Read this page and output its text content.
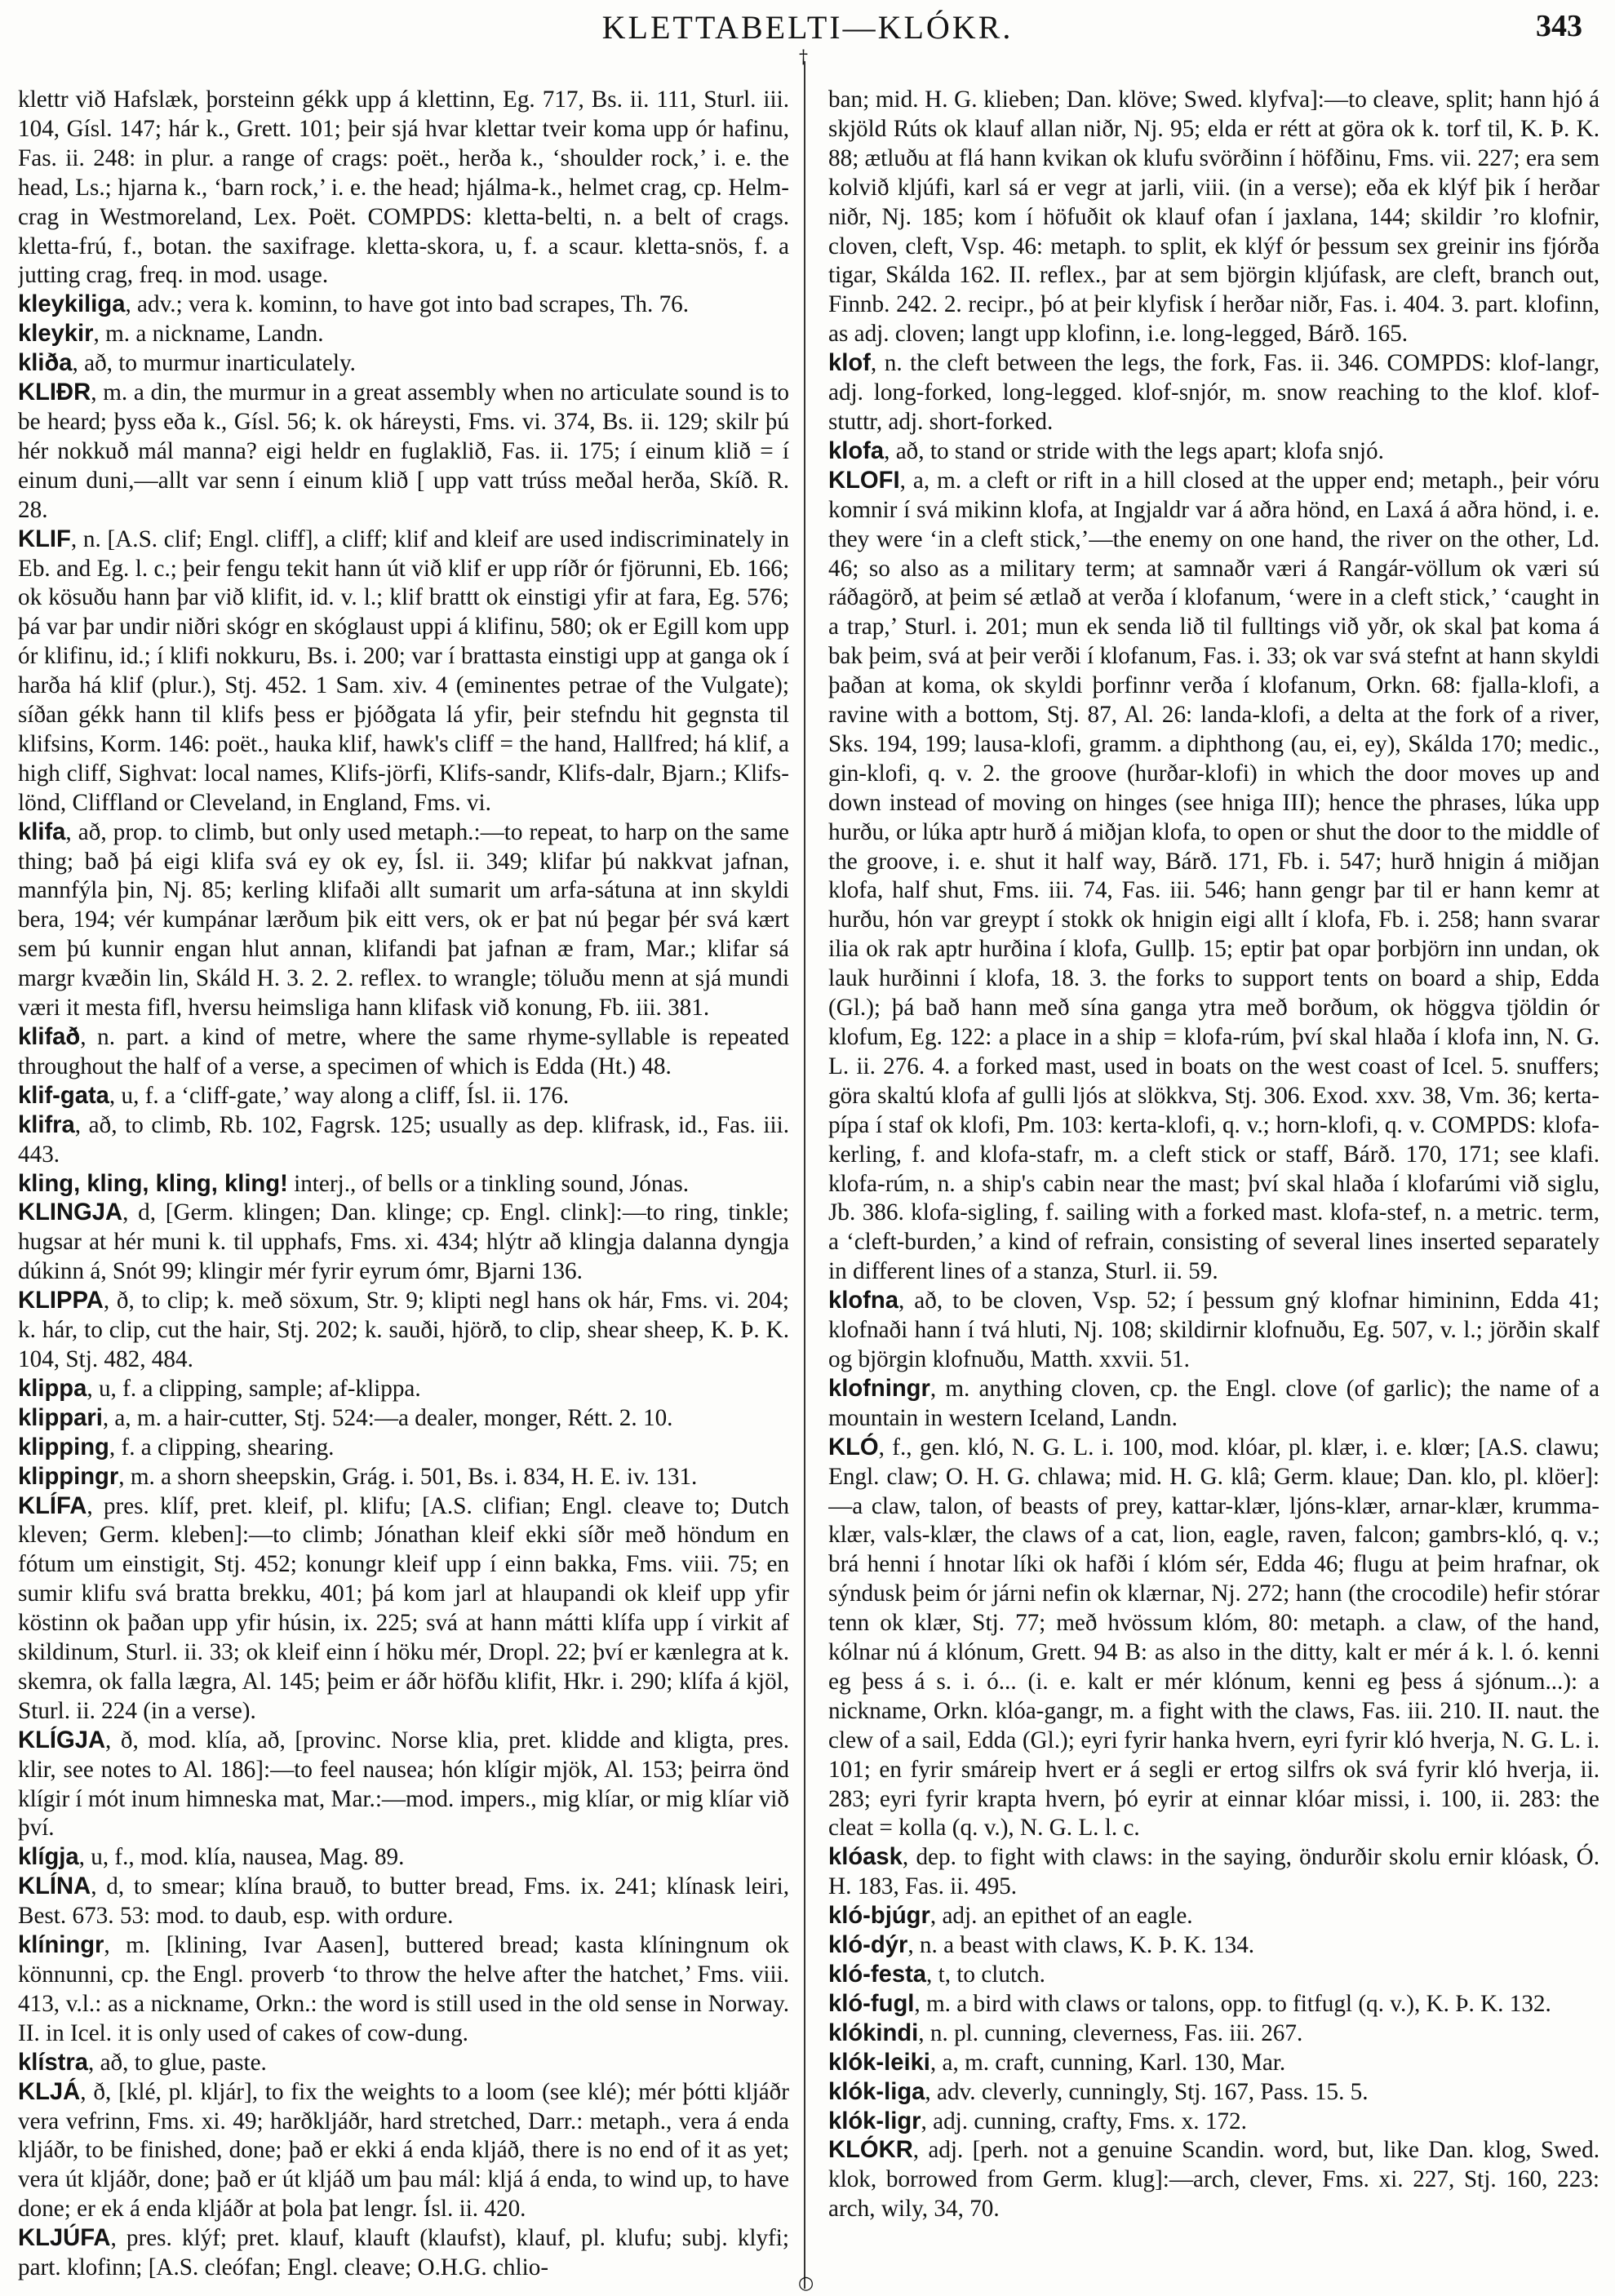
KLETTABELTI—KLÓKR.	343
†
○

klettr við Hafslæk, þorsteinn gékk upp á klettinn, Eg. 717, Bs. ii. 111, Sturl. iii. 104, Gísl. 147; hár k., Grett. 101; þeir sjá hvar klettar tveir koma upp ór hafinu, Fas. ii. 248: in plur. a range of crags: poët., herða k., ‘shoulder rock,’ i. e. the head, Ls.; hjarna k., ‘barn rock,’ i. e. the head; hjálma-k., helmet crag, cp. Helm-crag in Westmoreland, Lex. Poët. COMPDS: kletta-belti, n. a belt of crags. kletta-frú, f., botan. the saxifrage. kletta-skora, u, f. a scaur. kletta-snös, f. a jutting crag, freq. in mod. usage.

kleykiliga, adv.; vera k. kominn, to have got into bad scrapes, Th. 76.

kleykir, m. a nickname, Landn.

kliða, að, to murmur inarticulately.

KLIÐR, m. a din, the murmur in a great assembly when no articulate sound is to be heard; þyss eða k., Gísl. 56; k. ok háreysti, Fms. vi. 374, Bs. ii. 129; skilr þú hér nokkuð mál manna? eigi heldr en fuglaklið, Fas. ii. 175; í einum klið = í einum duni,—allt var senn í einum klið [ upp vatt trúss meðal herða, Skíð. R. 28.

KLIF, n. [A.S. clif; Engl. cliff], a cliff; klif and kleif are used indiscriminately in Eb. and Eg. l. c.; þeir fengu tekit hann út við klif er upp ríðr ór fjörunni, Eb. 166; ok kösuðu hann þar við klifit, id. v. l.; klif brattt ok einstigi yfir at fara, Eg. 576; þá var þar undir niðri skógr en skóglaust uppi á klifinu, 580; ok er Egill kom upp ór klifinu, id.; í klifi nokkuru, Bs. i. 200; var í brattasta einstigi upp at ganga ok í harða há klif (plur.), Stj. 452. 1 Sam. xiv. 4 (eminentes petrae of the Vulgate); síðan gékk hann til klifs þess er þjóðgata lá yfir, þeir stefndu hit gegnsta til klifsins, Korm. 146: poët., hauka klif, hawk's cliff = the hand, Hallfred; há klif, a high cliff, Sighvat: local names, Klifs-jörfi, Klifs-sandr, Klifs-dalr, Bjarn.; Klifs-lönd, Cliffland or Cleveland, in England, Fms. vi.

klifa, að, prop. to climb, but only used metaph.:—to repeat, to harp on the same thing; bað þá eigi klifa svá ey ok ey, Ísl. ii. 349; klifar þú nakkvat jafnan, mannfýla þin, Nj. 85; kerling klifaði allt sumarit um arfa-sátuna at inn skyldi bera, 194; vér kumpánar lærðum þik eitt vers, ok er þat nú þegar þér svá kært sem þú kunnir engan hlut annan, klifandi þat jafnan æ fram, Mar.; klifar sá margr kvæðin lin, Skáld H. 3. 2. 2. reflex. to wrangle; töluðu menn at sjá mundi væri it mesta fifl, hversu heimsliga hann klifask við konung, Fb. iii. 381.

klifað, n. part. a kind of metre, where the same rhyme-syllable is repeated throughout the half of a verse, a specimen of which is Edda (Ht.) 48.

klif-gata, u, f. a ‘cliff-gate,’ way along a cliff, Ísl. ii. 176.

klifra, að, to climb, Rb. 102, Fagrsk. 125; usually as dep. klifrask, id., Fas. iii. 443.

kling, kling, kling, kling! interj., of bells or a tinkling sound, Jónas.

KLINGJA, d, [Germ. klingen; Dan. klinge; cp. Engl. clink]:—to ring, tinkle; hugsar at hér muni k. til upphafs, Fms. xi. 434; hlýtr að klingja dalanna dyngja dúkinn á, Snót 99; klingir mér fyrir eyrum ómr, Bjarni 136.

KLIPPA, ð, to clip; k. með söxum, Str. 9; klipti negl hans ok hár, Fms. vi. 204; k. hár, to clip, cut the hair, Stj. 202; k. sauði, hjörð, to clip, shear sheep, K. Þ. K. 104, Stj. 482, 484.

klippa, u, f. a clipping, sample; af-klippa.

klippari, a, m. a hair-cutter, Stj. 524:—a dealer, monger, Rétt. 2. 10.

klipping, f. a clipping, shearing.

klippingr, m. a shorn sheepskin, Grág. i. 501, Bs. i. 834, H. E. iv. 131.

KLÍFA, pres. klíf, pret. kleif, pl. klifu; [A.S. clifian; Engl. cleave to; Dutch kleven; Germ. kleben]:—to climb; Jónathan kleif ekki síðr með höndum en fótum um einstigit, Stj. 452; konungr kleif upp í einn bakka, Fms. viii. 75; en sumir klifu svá bratta brekku, 401; þá kom jarl at hlaupandi ok kleif upp yfir köstinn ok þaðan upp yfir húsin, ix. 225; svá at hann mátti klífa upp í virkit af skildinum, Sturl. ii. 33; ok kleif einn í höku mér, Dropl. 22; því er kænlegra at k. skemra, ok falla lægra, Al. 145; þeim er áðr höfðu klifit, Hkr. i. 290; klífa á kjöl, Sturl. ii. 224 (in a verse).

KLÍGJA, ð, mod. klía, að, [provinc. Norse klia, pret. klidde and kligta, pres. klir, see notes to Al. 186]:—to feel nausea; hón klígir mjök, Al. 153; þeirra önd klígir í mót inum himneska mat, Mar.:—mod. impers., mig klíar, or mig klíar við því.

klígja, u, f., mod. klía, nausea, Mag. 89.

KLÍNA, d, to smear; klína brauð, to butter bread, Fms. ix. 241; klínask leiri, Best. 673. 53: mod. to daub, esp. with ordure.

klíningr, m. [klining, Ivar Aasen], buttered bread; kasta klíningnum ok könnunni, cp. the Engl. proverb ‘to throw the helve after the hatchet,’ Fms. viii. 413, v.l.: as a nickname, Orkn.: the word is still used in the old sense in Norway. II. in Icel. it is only used of cakes of cow-dung.

klístra, að, to glue, paste.

KLJÁ, ð, [klé, pl. kljár], to fix the weights to a loom (see klé); mér þótti kljáðr vera vefrinn, Fms. xi. 49; harðkljáðr, hard stretched, Darr.: metaph., vera á enda kljáðr, to be finished, done; það er ekki á enda kljáð, there is no end of it as yet; vera út kljáðr, done; það er út kljáð um þau mál: kljá á enda, to wind up, to have done; er ek á enda kljáðr at þola þat lengr. Ísl. ii. 420.

KLJÚFA, pres. klýf; pret. klauf, klauft (klaufst), klauf, pl. klufu; subj. klyfi; part. klofinn; [A.S. cleófan; Engl. cleave; O.H.G. chlio-

ban; mid. H. G. klieben; Dan. klöve; Swed. klyfva]:—to cleave, split; hann hjó á skjöld Rúts ok klauf allan niðr, Nj. 95; elda er rétt at göra ok k. torf til, K. Þ. K. 88; ætluðu at flá hann kvikan ok klufu svörðinn í höfðinu, Fms. vii. 227; era sem kolvið kljúfi, karl sá er vegr at jarli, viii. (in a verse); eða ek klýf þik í herðar niðr, Nj. 185; kom í höfuðit ok klauf ofan í jaxlana, 144; skildir ’ro klofnir, cloven, cleft, Vsp. 46: metaph. to split, ek klýf ór þessum sex greinir ins fjórða tigar, Skálda 162. II. reflex., þar at sem björgin kljúfask, are cleft, branch out, Finnb. 242. 2. recipr., þó at þeir klyfisk í herðar niðr, Fas. i. 404. 3. part. klofinn, as adj. cloven; langt upp klofinn, i.e. long-legged, Bárð. 165.

klof, n. the cleft between the legs, the fork, Fas. ii. 346. COMPDS: klof-langr, adj. long-forked, long-legged. klof-snjór, m. snow reaching to the klof. klof-stuttr, adj. short-forked.

klofa, að, to stand or stride with the legs apart; klofa snjó.

KLOFI, a, m. a cleft or rift in a hill closed at the upper end; metaph., þeir vóru komnir í svá mikinn klofa, at Ingjaldr var á aðra hönd, en Laxá á aðra hönd, i. e. they were ‘in a cleft stick,’—the enemy on one hand, the river on the other, Ld. 46; so also as a military term; at samnaðr væri á Rangár-völlum ok væri sú ráðagörð, at þeim sé ætlað at verða í klofanum, ‘were in a cleft stick,’ ‘caught in a trap,’ Sturl. i. 201; mun ek senda lið til fulltings við yðr, ok skal þat koma á bak þeim, svá at þeir verði í klofanum, Fas. i. 33; ok var svá stefnt at hann skyldi þaðan at koma, ok skyldi þorfinnr verða í klofanum, Orkn. 68: fjalla-klofi, a ravine with a bottom, Stj. 87, Al. 26: landa-klofi, a delta at the fork of a river, Sks. 194, 199; lausa-klofi, gramm. a diphthong (au, ei, ey), Skálda 170; medic., gin-klofi, q. v. 2. the groove (hurðar-klofi) in which the door moves up and down instead of moving on hinges (see hniga III); hence the phrases, lúka upp hurðu, or lúka aptr hurð á miðjan klofa, to open or shut the door to the middle of the groove, i. e. shut it half way, Bárð. 171, Fb. i. 547; hurð hnigin á miðjan klofa, half shut, Fms. iii. 74, Fas. iii. 546; hann gengr þar til er hann kemr at hurðu, hón var greypt í stokk ok hnigin eigi allt í klofa, Fb. i. 258; hann svarar ilia ok rak aptr hurðina í klofa, Gullþ. 15; eptir þat opar þorbjörn inn undan, ok lauk hurðinni í klofa, 18. 3. the forks to support tents on board a ship, Edda (Gl.); þá bað hann með sína ganga ytra með borðum, ok höggva tjöldin ór klofum, Eg. 122: a place in a ship = klofa-rúm, því skal hlaða í klofa inn, N. G. L. ii. 276. 4. a forked mast, used in boats on the west coast of Icel. 5. snuffers; göra skaltú klofa af gulli ljós at slökkva, Stj. 306. Exod. xxv. 38, Vm. 36; kerta-pípa í staf ok klofi, Pm. 103: kerta-klofi, q. v.; horn-klofi, q. v. COMPDS: klofa-kerling, f. and klofa-stafr, m. a cleft stick or staff, Bárð. 170, 171; see klafi. klofa-rúm, n. a ship's cabin near the mast; því skal hlaða í klofarúmi við siglu, Jb. 386. klofa-sigling, f. sailing with a forked mast. klofa-stef, n. a metric. term, a ‘cleft-burden,’ a kind of refrain, consisting of several lines inserted separately in different lines of a stanza, Sturl. ii. 59.

klofna, að, to be cloven, Vsp. 52; í þessum gný klofnar himininn, Edda 41; klofnaði hann í tvá hluti, Nj. 108; skildirnir klofnuðu, Eg. 507, v. l.; jörðin skalf og björgin klofnuðu, Matth. xxvii. 51.

klofningr, m. anything cloven, cp. the Engl. clove (of garlic); the name of a mountain in western Iceland, Landn.

KLÓ, f., gen. kló, N. G. L. i. 100, mod. klóar, pl. klær, i. e. klœr; [A.S. clawu; Engl. claw; O. H. G. chlawa; mid. H. G. klâ; Germ. klaue; Dan. klo, pl. klöer]:—a claw, talon, of beasts of prey, kattar-klær, ljóns-klær, arnar-klær, krumma-klær, vals-klær, the claws of a cat, lion, eagle, raven, falcon; gambrs-kló, q. v.; brá henni í hnotar líki ok hafði í klóm sér, Edda 46; flugu at þeim hrafnar, ok sýndusk þeim ór járni nefin ok klærnar, Nj. 272; hann (the crocodile) hefir stórar tenn ok klær, Stj. 77; með hvössum klóm, 80: metaph. a claw, of the hand, kólnar nú á klónum, Grett. 94 B: as also in the ditty, kalt er mér á k. l. ó. kenni eg þess á s. i. ó... (i. e. kalt er mér klónum, kenni eg þess á sjónum...): a nickname, Orkn. klóa-gangr, m. a fight with the claws, Fas. iii. 210. II. naut. the clew of a sail, Edda (Gl.); eyri fyrir hanka hvern, eyri fyrir kló hverja, N. G. L. i. 101; en fyrir smáreip hvert er á segli er ertog silfrs ok svá fyrir kló hverja, ii. 283; eyri fyrir krapta hvern, þó eyrir at einnar klóar missi, i. 100, ii. 283: the cleat = kolla (q. v.), N. G. L. l. c.

klóask, dep. to fight with claws: in the saying, öndurðir skolu ernir klóask, Ó. H. 183, Fas. ii. 495.

kló-bjúgr, adj. an epithet of an eagle.

kló-dýr, n. a beast with claws, K. Þ. K. 134.

kló-festa, t, to clutch.

kló-fugl, m. a bird with claws or talons, opp. to fitfugl (q. v.), K. Þ. K. 132.

klókindi, n. pl. cunning, cleverness, Fas. iii. 267.

klók-leiki, a, m. craft, cunning, Karl. 130, Mar.

klók-liga, adv. cleverly, cunningly, Stj. 167, Pass. 15. 5.

klók-ligr, adj. cunning, crafty, Fms. x. 172.

KLÓKR, adj. [perh. not a genuine Scandin. word, but, like Dan. klog, Swed. klok, borrowed from Germ. klug]:—arch, clever, Fms. xi. 227, Stj. 160, 223: arch, wily, 34, 70.
